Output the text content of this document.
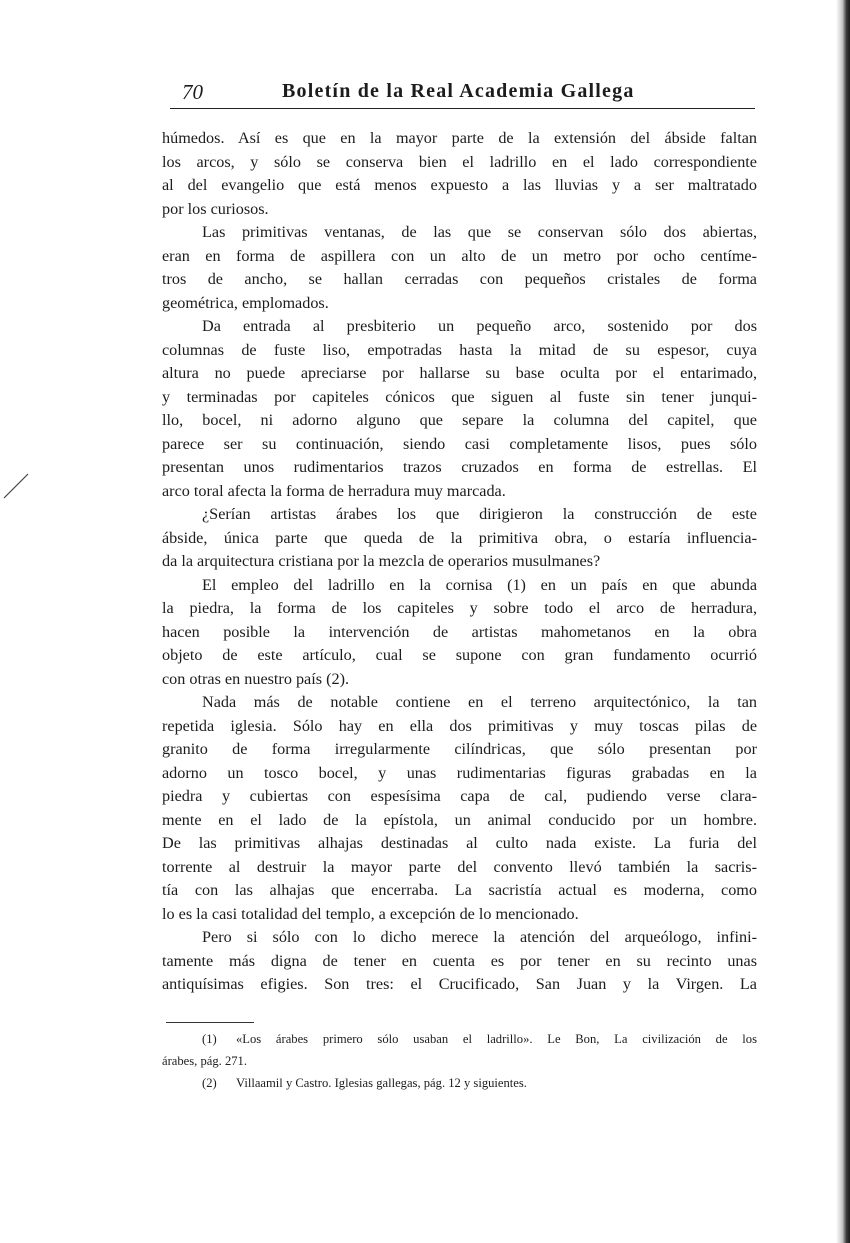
70	Boletín de la Real Academia Gallega
húmedos. Así es que en la mayor parte de la extensión del ábside faltan
los arcos, y sólo se conserva bien el ladrillo en el lado correspondiente
al del evangelio que está menos expuesto a las lluvias y a ser maltratado
por los curiosos.
Las primitivas ventanas, de las que se conservan sólo dos abiertas,
eran en forma de aspillera con un alto de un metro por ocho centíme-
tros de ancho, se hallan cerradas con pequeños cristales de forma
geométrica, emplomados.
Da entrada al presbiterio un pequeño arco, sostenido por dos
columnas de fuste liso, empotradas hasta la mitad de su espesor, cuya
altura no puede apreciarse por hallarse su base oculta por el entarimado,
y terminadas por capiteles cónicos que siguen al fuste sin tener junqui-
llo, bocel, ni adorno alguno que separe la columna del capitel, que
parece ser su continuación, siendo casi completamente lisos, pues sólo
presentan unos rudimentarios trazos cruzados en forma de estrellas. El
arco toral afecta la forma de herradura muy marcada.
¿Serían artistas árabes los que dirigieron la construcción de este
ábside, única parte que queda de la primitiva obra, o estaría influencia-
da la arquitectura cristiana por la mezcla de operarios musulmanes?
El empleo del ladrillo en la cornisa (1) en un país en que abunda
la piedra, la forma de los capiteles y sobre todo el arco de herradura,
hacen posible la intervención de artistas mahometanos en la obra
objeto de este artículo, cual se supone con gran fundamento ocurrió
con otras en nuestro país (2).
Nada más de notable contiene en el terreno arquitectónico, la tan
repetida iglesia. Sólo hay en ella dos primitivas y muy toscas pilas de
granito de forma irregularmente cilíndricas, que sólo presentan por
adorno un tosco bocel, y unas rudimentarias figuras grabadas en la
piedra y cubiertas con espesísima capa de cal, pudiendo verse clara-
mente en el lado de la epístola, un animal conducido por un hombre.
De las primitivas alhajas destinadas al culto nada existe. La furia del
torrente al destruir la mayor parte del convento llevó también la sacris-
tía con las alhajas que encerraba. La sacristía actual es moderna, como
lo es la casi totalidad del templo, a excepción de lo mencionado.
Pero si sólo con lo dicho merece la atención del arqueólogo, infini-
tamente más digna de tener en cuenta es por tener en su recinto unas
antiquísimas efigies. Son tres: el Crucificado, San Juan y la Virgen. La
(1) «Los árabes primero sólo usaban el ladrillo». Le Bon, La civilización de los
árabes, pág. 271.
(2) Villaamil y Castro. Iglesias gallegas, pág. 12 y siguientes.
